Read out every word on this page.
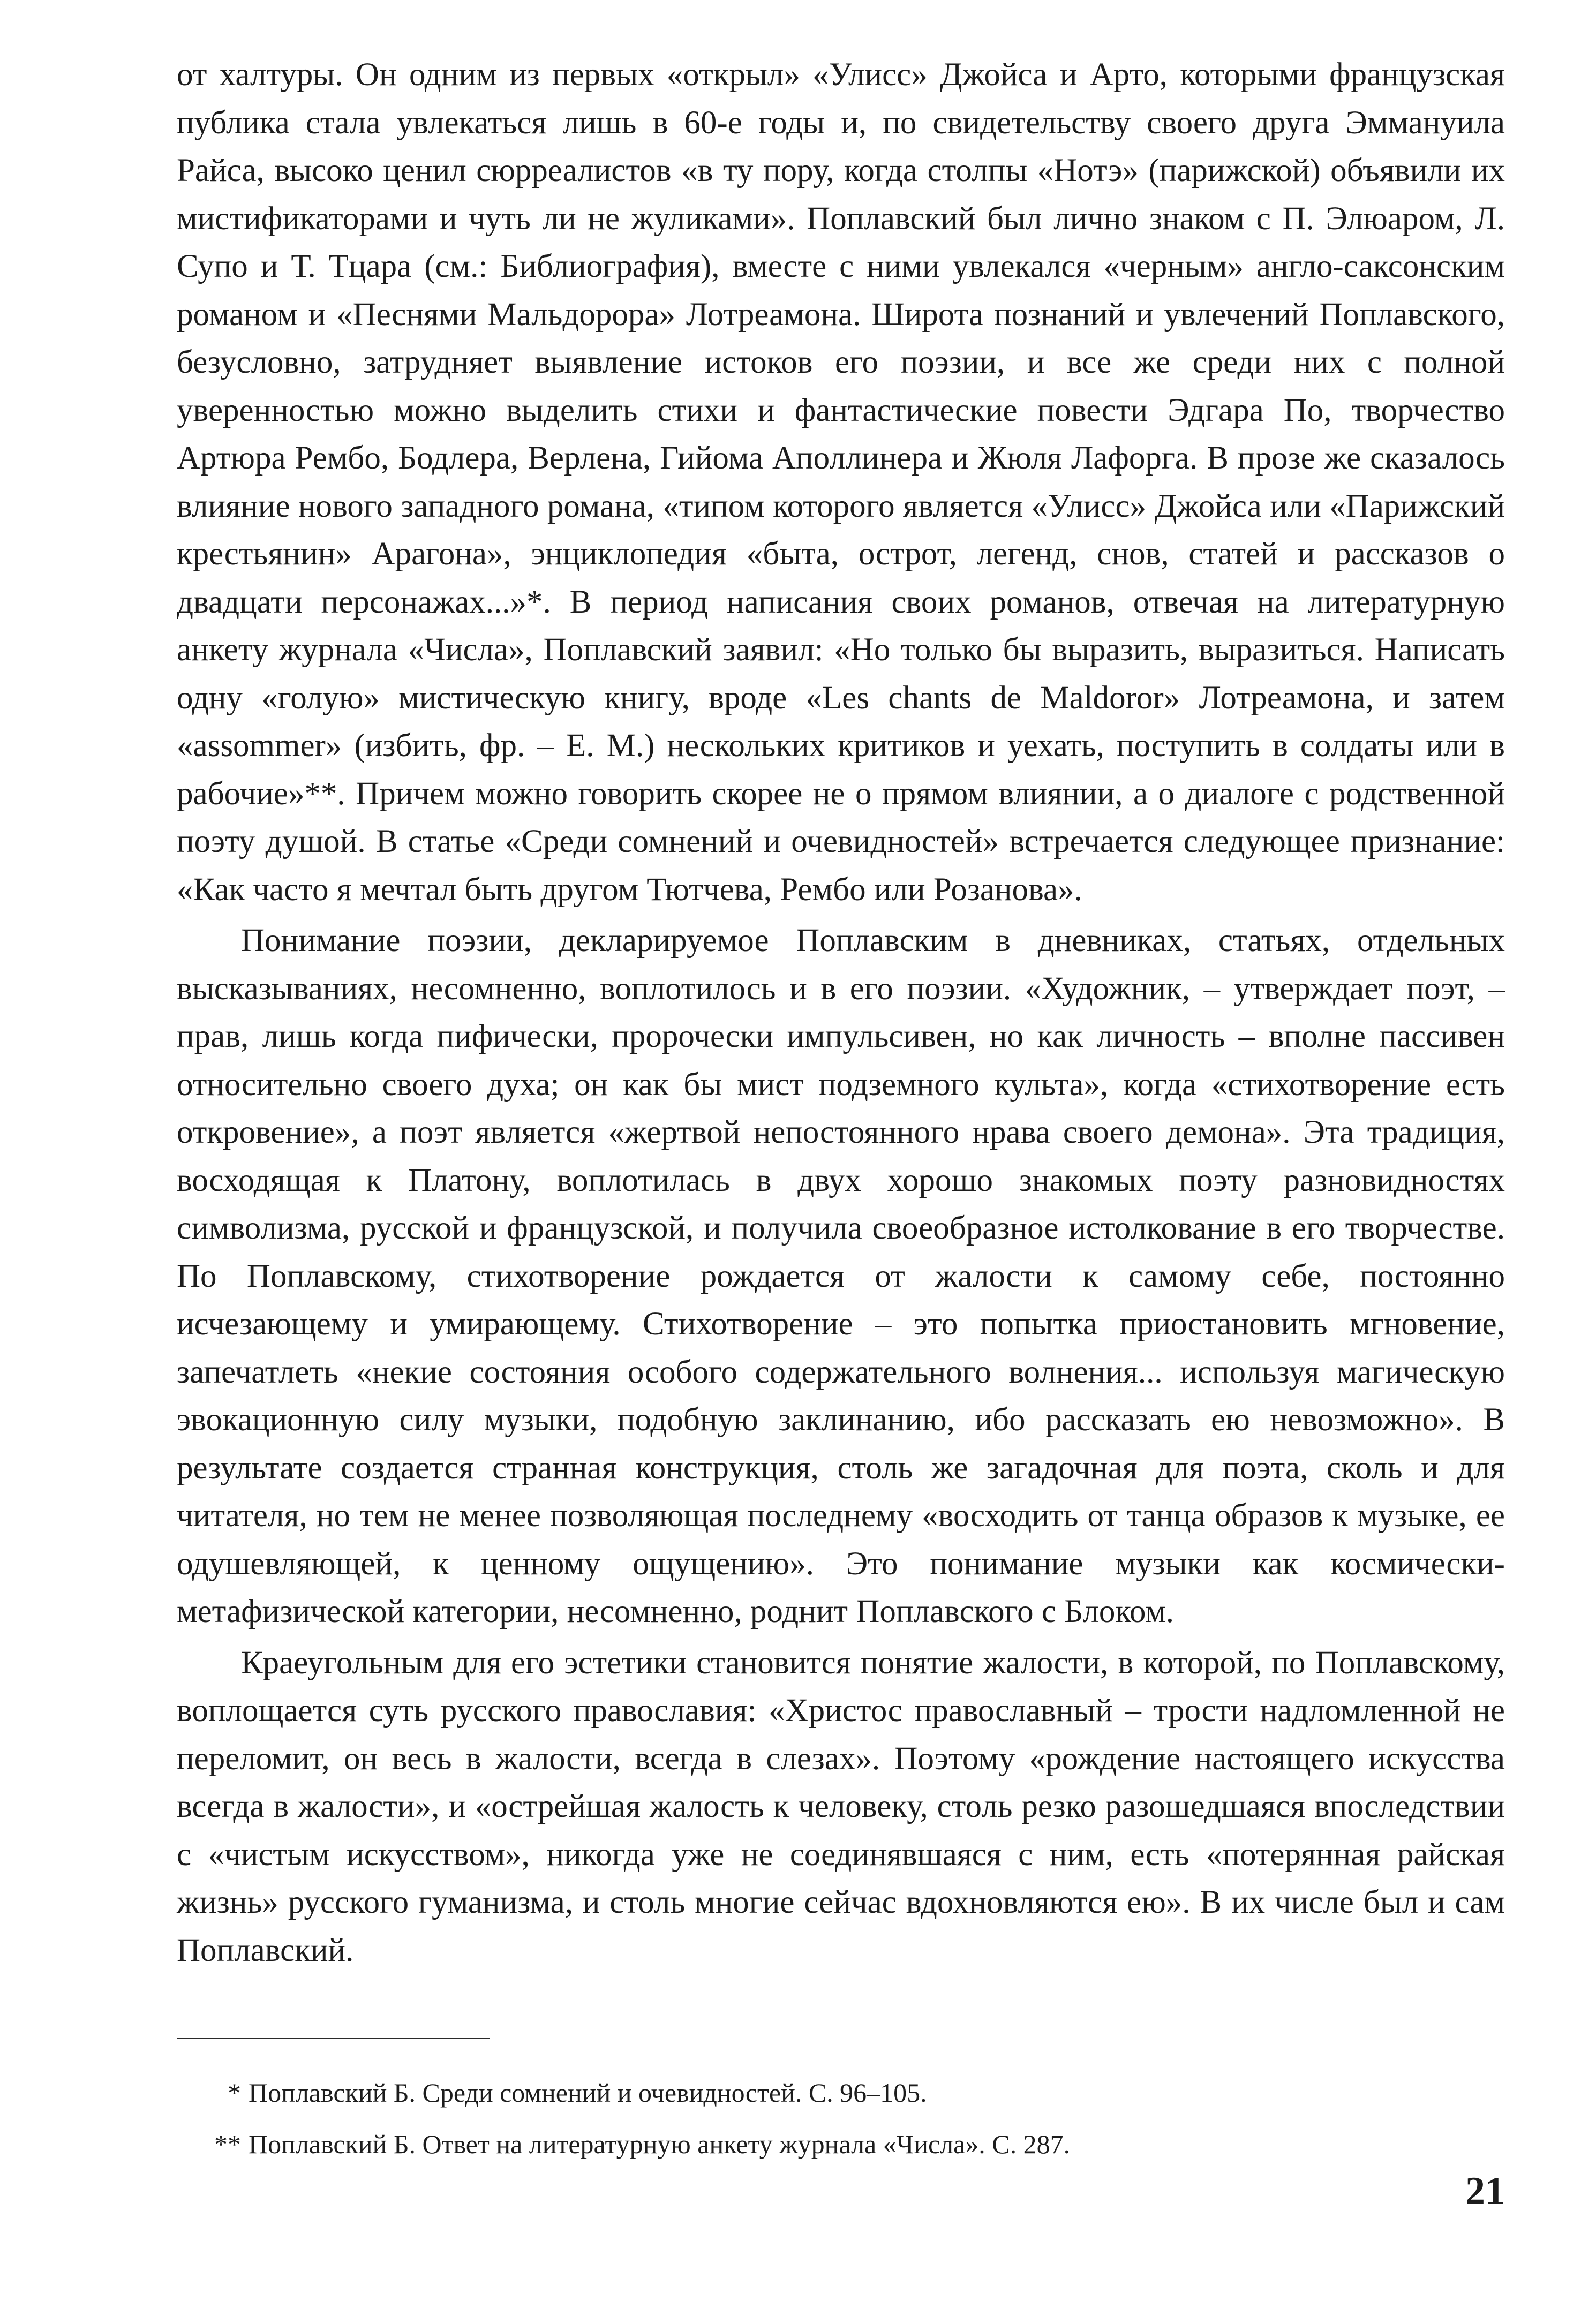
от халтуры. Он одним из первых «открыл» «Улисс» Джойса и Арто, которыми французская публика стала увлекаться лишь в 60-е годы и, по свидетельству своего друга Эммануила Райса, высоко ценил сюрреалистов «в ту пору, когда столпы «Нотэ» (парижской) объявили их мистификаторами и чуть ли не жуликами». Поплавский был лично знаком с П. Элюаром, Л. Супо и Т. Тцара (см.: Библиография), вместе с ними увлекался «черным» англо-саксонским романом и «Песнями Мальдорора» Лотреамона. Широта познаний и увлечений Поплавского, безусловно, затрудняет выявление истоков его поэзии, и все же среди них с полной уверенностью можно выделить стихи и фантастические повести Эдгара По, творчество Артюра Рембо, Бодлера, Верлена, Гийома Аполлинера и Жюля Лафорга. В прозе же сказалось влияние нового западного романа, «типом которого является «Улисс» Джойса или «Парижский крестьянин» Арагона», энциклопедия «быта, острот, легенд, снов, статей и рассказов о двадцати персонажах...»*. В период написания своих романов, отвечая на литературную анкету журнала «Числа», Поплавский заявил: «Но только бы выразить, выразиться. Написать одну «голую» мистическую книгу, вроде «Les chants de Maldoror» Лотреамона, и затем «assommer» (избить, фр. – Е. М.) нескольких критиков и уехать, поступить в солдаты или в рабочие»**. Причем можно говорить скорее не о прямом влиянии, а о диалоге с родственной поэту душой. В статье «Среди сомнений и очевидностей» встречается следующее признание: «Как часто я мечтал быть другом Тютчева, Рембо или Розанова».

Понимание поэзии, декларируемое Поплавским в дневниках, статьях, отдельных высказываниях, несомненно, воплотилось и в его поэзии. «Художник, – утверждает поэт, – прав, лишь когда пифически, пророчески импульсивен, но как личность – вполне пассивен относительно своего духа; он как бы мист подземного культа», когда «стихотворение есть откровение», а поэт является «жертвой непостоянного нрава своего демона». Эта традиция, восходящая к Платону, воплотилась в двух хорошо знакомых поэту разновидностях символизма, русской и французской, и получила своеобразное истолкование в его творчестве. По Поплавскому, стихотворение рождается от жалости к самому себе, постоянно исчезающему и умирающему. Стихотворение – это попытка приостановить мгновение, запечатлеть «некие состояния особого содержательного волнения... используя магическую эвокационную силу музыки, подобную заклинанию, ибо рассказать ею невозможно». В результате создается странная конструкция, столь же загадочная для поэта, сколь и для читателя, но тем не менее позволяющая последнему «восходить от танца образов к музыке, ее одушевляющей, к ценному ощущению». Это понимание музыки как космически-метафизической категории, несомненно, роднит Поплавского с Блоком.

Краеугольным для его эстетики становится понятие жалости, в которой, по Поплавскому, воплощается суть русского православия: «Христос православный – трости надломленной не переломит, он весь в жалости, всегда в слезах». Поэтому «рождение настоящего искусства всегда в жалости», и «острейшая жалость к человеку, столь резко разошедшаяся впоследствии с «чистым искусством», никогда уже не соединявшаяся с ним, есть «потерянная райская жизнь» русского гуманизма, и столь многие сейчас вдохновляются ею». В их числе был и сам Поплавский.

* Поплавский Б. Среди сомнений и очевидностей. С. 96–105.

** Поплавский Б. Ответ на литературную анкету журнала «Числа». С. 287.

21
